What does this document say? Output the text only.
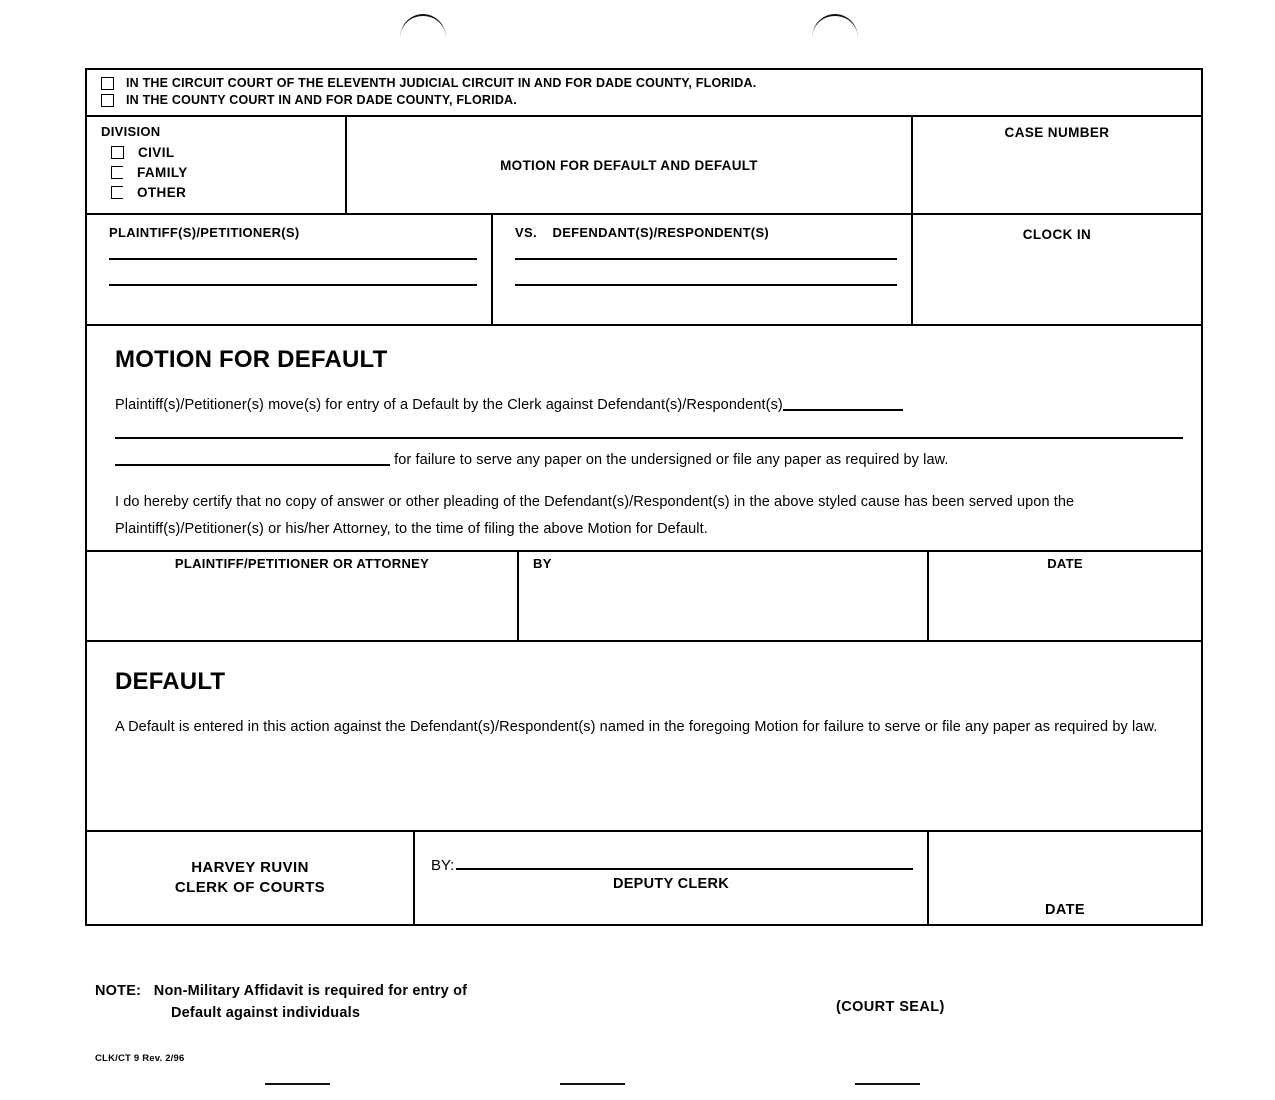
IN THE CIRCUIT COURT OF THE ELEVENTH JUDICIAL CIRCUIT IN AND FOR DADE COUNTY, FLORIDA.
IN THE COUNTY COURT IN AND FOR DADE COUNTY, FLORIDA.
DIVISION
CIVIL
FAMILY
OTHER
MOTION FOR DEFAULT AND DEFAULT
CASE NUMBER
PLAINTIFF(S)/PETITIONER(S)	VS. DEFENDANT(S)/RESPONDENT(S)	CLOCK IN
MOTION FOR DEFAULT
Plaintiff(s)/Petitioner(s) move(s) for entry of a Default by the Clerk against Defendant(s)/Respondent(s)   for failure to serve any paper on the undersigned or file any paper as required by law.
I do hereby certify that no copy of answer or other pleading of the Defendant(s)/Respondent(s) in the above styled cause has been served upon the Plaintiff(s)/Petitioner(s) or his/her Attorney, to the time of filing the above Motion for Default.
PLAINTIFF/PETITIONER OR ATTORNEY	BY	DATE
DEFAULT
A Default is entered in this action against the Defendant(s)/Respondent(s) named in the foregoing Motion for failure to serve or file any paper as required by law.
HARVEY RUVIN
CLERK OF COURTS
BY:
DEPUTY CLERK
DATE
NOTE: Non-Military Affidavit is required for entry of
Default against individuals	(COURT SEAL)
CLK/CT 9 Rev. 2/96
